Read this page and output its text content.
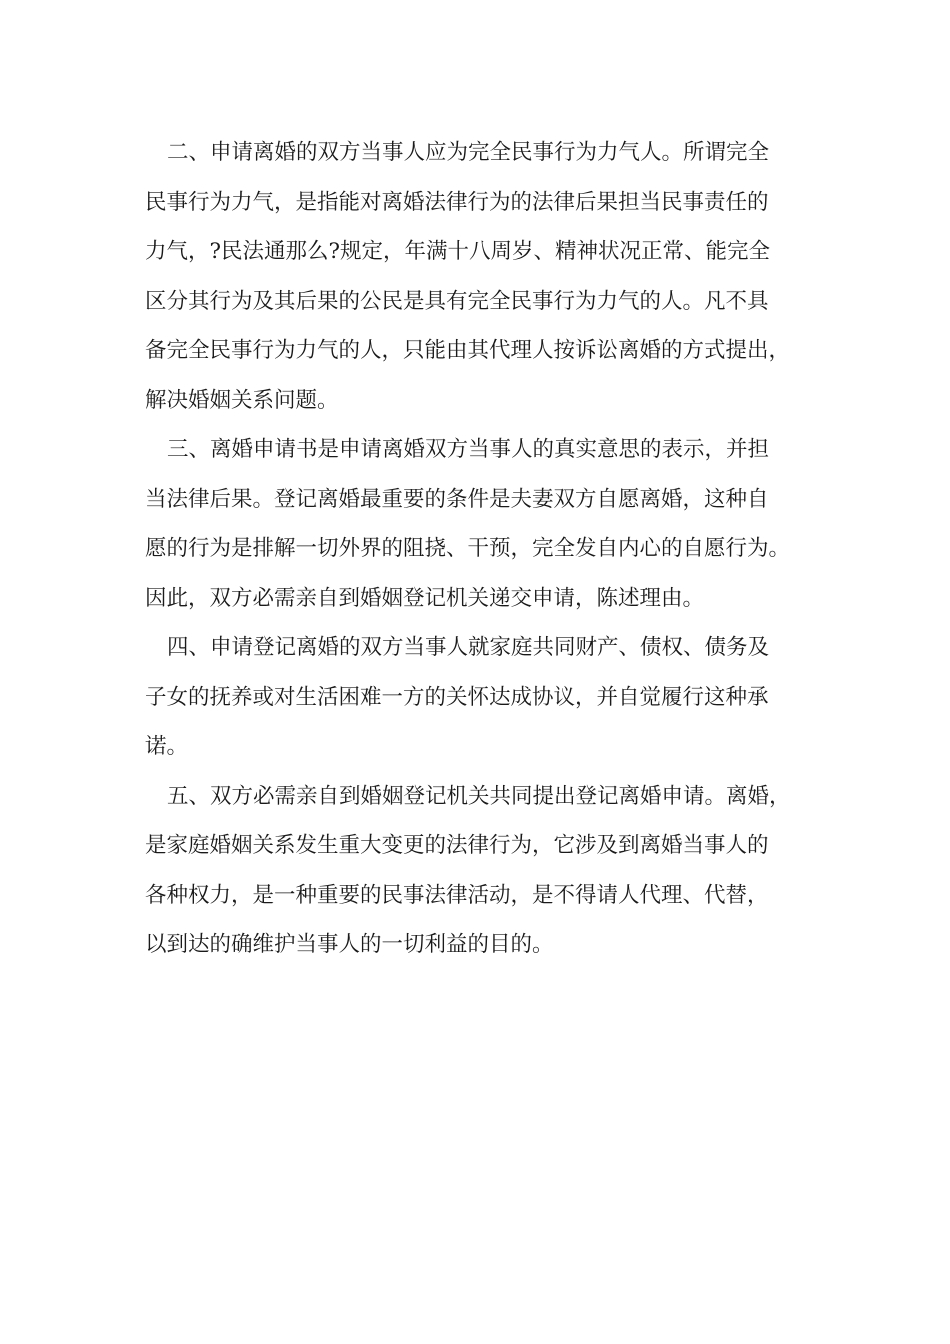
二、申请离婚的双方当事人应为完全民事行为力气人。所谓完全
民事行为力气，是指能对离婚法律行为的法律后果担当民事责任的
力气，?民法通那么?规定，年满十八周岁、精神状况正常、能完全
区分其行为及其后果的公民是具有完全民事行为力气的人。凡不具
备完全民事行为力气的人，只能由其代理人按诉讼离婚的方式提出，
解决婚姻关系问题。
三、离婚申请书是申请离婚双方当事人的真实意思的表示，并担
当法律后果。登记离婚最重要的条件是夫妻双方自愿离婚，这种自
愿的行为是排解一切外界的阻挠、干预，完全发自内心的自愿行为。
因此，双方必需亲自到婚姻登记机关递交申请，陈述理由。
四、申请登记离婚的双方当事人就家庭共同财产、债权、债务及
子女的抚养或对生活困难一方的关怀达成协议，并自觉履行这种承
诺。
五、双方必需亲自到婚姻登记机关共同提出登记离婚申请。离婚，
是家庭婚姻关系发生重大变更的法律行为，它涉及到离婚当事人的
各种权力，是一种重要的民事法律活动，是不得请人代理、代替，
以到达的确维护当事人的一切利益的目的。
